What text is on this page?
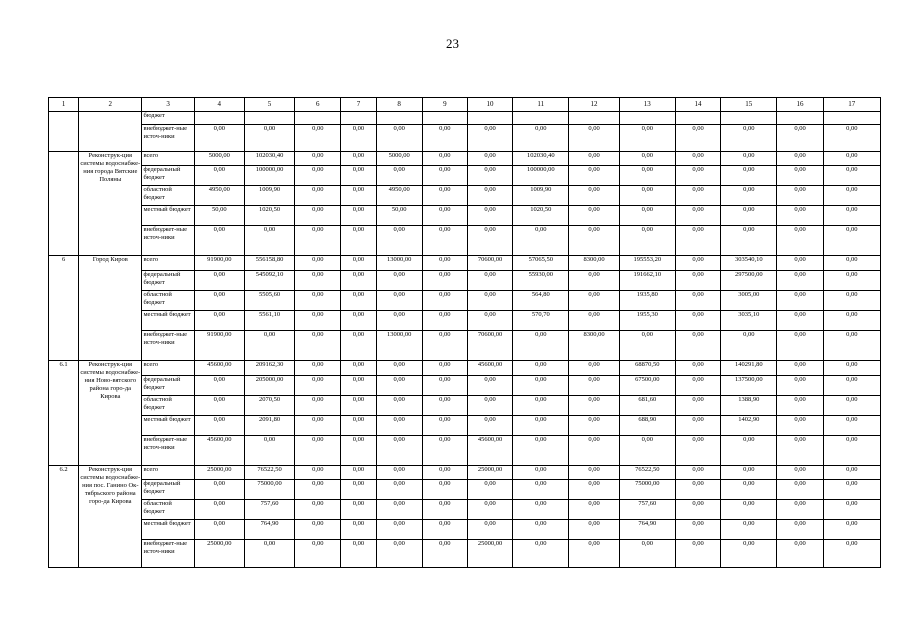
23
1	2	3	4	5	6	7	8	9	10	11	12	13	14	15	16	17
		бюджет														
		внебюджет-ные источ-ники	0,00	0,00	0,00	0,00	0,00	0,00	0,00	0,00	0,00	0,00	0,00	0,00	0,00	0,00
	Реконструк-ция системы водоснабже-ния города Вятские Поляны	всего	5000,00	102030,40	0,00	0,00	5000,00	0,00	0,00	102030,40	0,00	0,00	0,00	0,00	0,00	0,00
		федеральный бюджет	0,00	100000,00	0,00	0,00	0,00	0,00	0,00	100000,00	0,00	0,00	0,00	0,00	0,00	0,00
		областной бюджет	4950,00	1009,90	0,00	0,00	4950,00	0,00	0,00	1009,90	0,00	0,00	0,00	0,00	0,00	0,00
		местный бюджет	50,00	1020,50	0,00	0,00	50,00	0,00	0,00	1020,50	0,00	0,00	0,00	0,00	0,00	0,00
		внебюджет-ные источ-ники	0,00	0,00	0,00	0,00	0,00	0,00	0,00	0,00	0,00	0,00	0,00	0,00	0,00	0,00
6	Город Киров	всего	91900,00	556158,80	0,00	0,00	13000,00	0,00	70600,00	57065,50	8300,00	195553,20	0,00	303540,10	0,00	0,00
		федеральный бюджет	0,00	545092,10	0,00	0,00	0,00	0,00	0,00	55930,00	0,00	191662,10	0,00	297500,00	0,00	0,00
		областной бюджет	0,00	5505,60	0,00	0,00	0,00	0,00	0,00	564,80	0,00	1935,80	0,00	3005,00	0,00	0,00
		местный бюджет	0,00	5561,10	0,00	0,00	0,00	0,00	0,00	570,70	0,00	1955,30	0,00	3035,10	0,00	0,00
		внебюджет-ные источ-ники	91900,00	0,00	0,00	0,00	13000,00	0,00	70600,00	0,00	8300,00	0,00	0,00	0,00	0,00	0,00
6.1	Реконструк-ция системы водоснабже-ния Ново-вятского района горо-да Кирова	всего	45600,00	209162,30	0,00	0,00	0,00	0,00	45600,00	0,00	0,00	68870,50	0,00	140291,80	0,00	0,00
		федеральный бюджет	0,00	205000,00	0,00	0,00	0,00	0,00	0,00	0,00	0,00	67500,00	0,00	137500,00	0,00	0,00
		областной бюджет	0,00	2070,50	0,00	0,00	0,00	0,00	0,00	0,00	0,00	681,60	0,00	1388,90	0,00	0,00
		местный бюджет	0,00	2091,80	0,00	0,00	0,00	0,00	0,00	0,00	0,00	688,90	0,00	1402,90	0,00	0,00
		внебюджет-ные источ-ники	45600,00	0,00	0,00	0,00	0,00	0,00	45600,00	0,00	0,00	0,00	0,00	0,00	0,00	0,00
6.2	Реконструк-ция системы водоснабже-ния пос. Ганино Ок-тябрьского района горо-да Кирова	всего	25000,00	76522,50	0,00	0,00	0,00	0,00	25000,00	0,00	0,00	76522,50	0,00	0,00	0,00	0,00
		федеральный бюджет	0,00	75000,00	0,00	0,00	0,00	0,00	0,00	0,00	0,00	75000,00	0,00	0,00	0,00	0,00
		областной бюджет	0,00	757,60	0,00	0,00	0,00	0,00	0,00	0,00	0,00	757,60	0,00	0,00	0,00	0,00
		местный бюджет	0,00	764,90	0,00	0,00	0,00	0,00	0,00	0,00	0,00	764,90	0,00	0,00	0,00	0,00
		внебюджет-ные источ-ники	25000,00	0,00	0,00	0,00	0,00	0,00	25000,00	0,00	0,00	0,00	0,00	0,00	0,00	0,00
